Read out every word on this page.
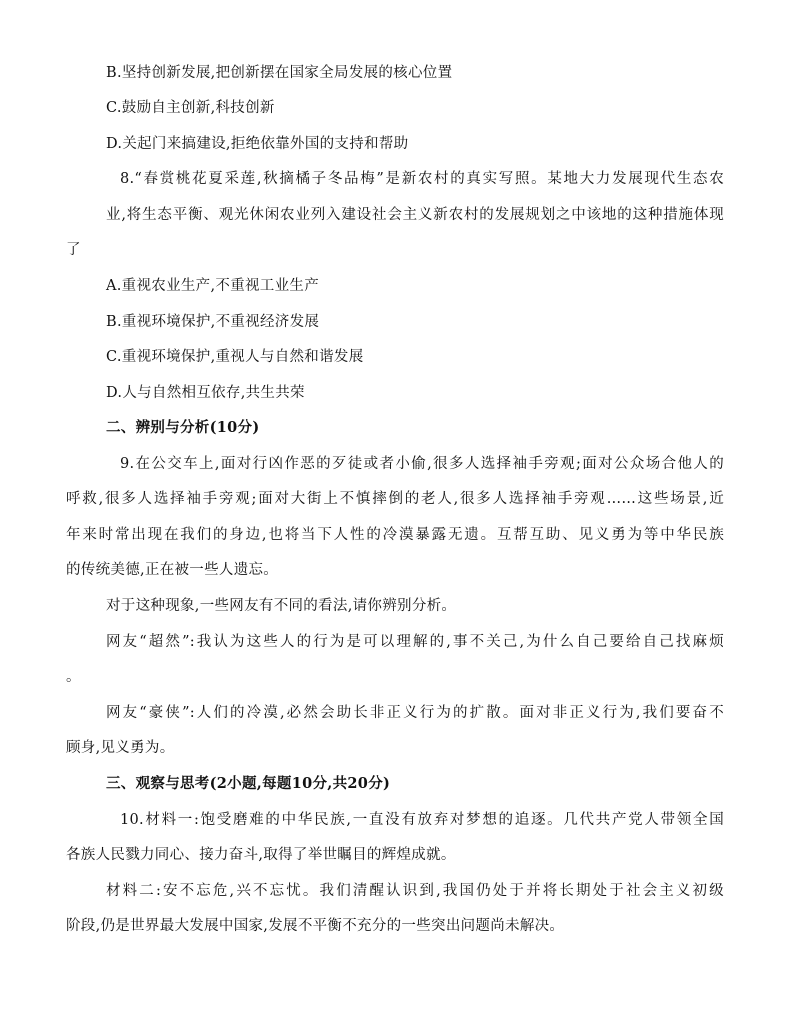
B.坚持创新发展,把创新摆在国家全局发展的核心位置
C.鼓励自主创新,科技创新
D.关起门来搞建设,拒绝依靠外国的支持和帮助
8.“春赏桃花夏采莲,秋摘橘子冬品梅”是新农村的真实写照。某地大力发展现代生态农
业,将生态平衡、观光休闲农业列入建设社会主义新农村的发展规划之中该地的这种措施体现
了
A.重视农业生产,不重视工业生产
B.重视环境保护,不重视经济发展
C.重视环境保护,重视人与自然和谐发展
D.人与自然相互依存,共生共荣
二、辨别与分析(10分)
9.在公交车上,面对行凶作恶的歹徒或者小偷,很多人选择袖手旁观;面对公众场合他人的
呼救,很多人选择袖手旁观;面对大街上不慎摔倒的老人,很多人选择袖手旁观……这些场景,近
年来时常出现在我们的身边,也将当下人性的冷漠暴露无遗。互帮互助、见义勇为等中华民族
的传统美德,正在被一些人遗忘。
对于这种现象,一些网友有不同的看法,请你辨别分析。
网友“超然”:我认为这些人的行为是可以理解的,事不关己,为什么自己要给自己找麻烦
。
网友“豪侠”:人们的冷漠,必然会助长非正义行为的扩散。面对非正义行为,我们要奋不
顾身,见义勇为。
三、观察与思考(2小题,每题10分,共20分)
10.材料一:饱受磨难的中华民族,一直没有放弃对梦想的追逐。几代共产党人带领全国
各族人民戮力同心、接力奋斗,取得了举世瞩目的辉煌成就。
材料二:安不忘危,兴不忘忧。我们清醒认识到,我国仍处于并将长期处于社会主义初级
阶段,仍是世界最大发展中国家,发展不平衡不充分的一些突出问题尚未解决。
